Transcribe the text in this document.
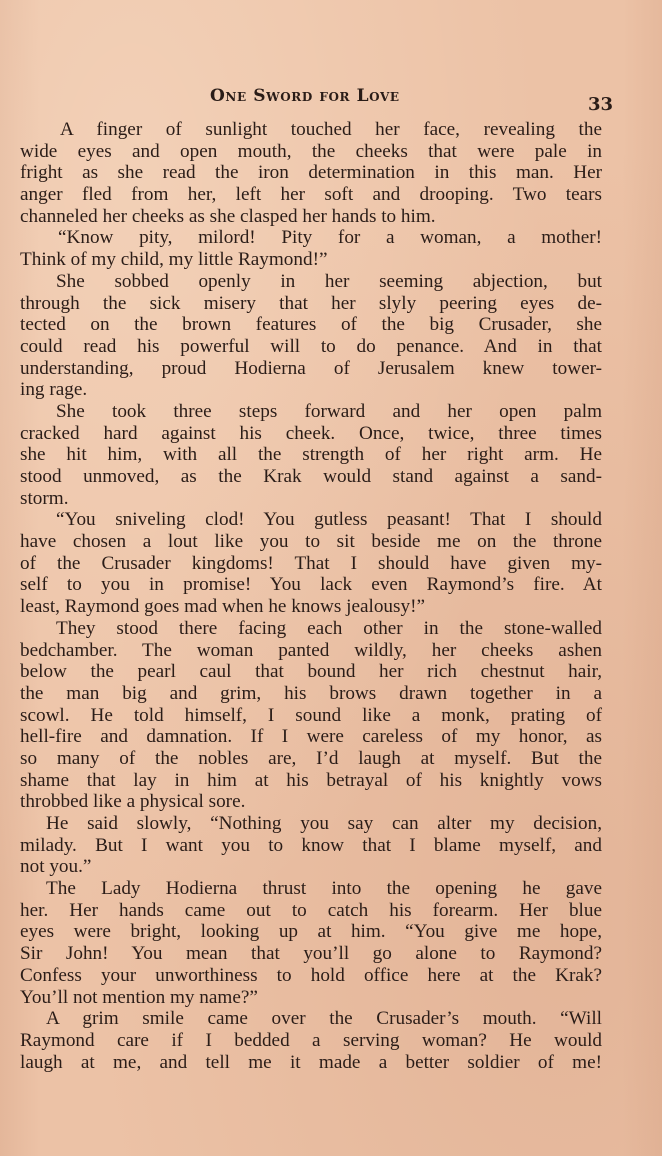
One Sword for Love	33
A finger of sunlight touched her face, revealing the
wide eyes and open mouth, the cheeks that were pale in
fright as she read the iron determination in this man. Her
anger fled from her, left her soft and drooping. Two tears
channeled her cheeks as she clasped her hands to him.
“Know pity, milord! Pity for a woman, a mother!
Think of my child, my little Raymond!”
She sobbed openly in her seeming abjection, but
through the sick misery that her slyly peering eyes de-
tected on the brown features of the big Crusader, she
could read his powerful will to do penance. And in that
understanding, proud Hodierna of Jerusalem knew tower-
ing rage.
She took three steps forward and her open palm
cracked hard against his cheek. Once, twice, three times
she hit him, with all the strength of her right arm. He
stood unmoved, as the Krak would stand against a sand-
storm.
“You sniveling clod! You gutless peasant! That I should
have chosen a lout like you to sit beside me on the throne
of the Crusader kingdoms! That I should have given my-
self to you in promise! You lack even Raymond’s fire. At
least, Raymond goes mad when he knows jealousy!”
They stood there facing each other in the stone-walled
bedchamber. The woman panted wildly, her cheeks ashen
below the pearl caul that bound her rich chestnut hair,
the man big and grim, his brows drawn together in a
scowl. He told himself, I sound like a monk, prating of
hell-fire and damnation. If I were careless of my honor, as
so many of the nobles are, I’d laugh at myself. But the
shame that lay in him at his betrayal of his knightly vows
throbbed like a physical sore.
He said slowly, “Nothing you say can alter my decision,
milady. But I want you to know that I blame myself, and
not you.”
The Lady Hodierna thrust into the opening he gave
her. Her hands came out to catch his forearm. Her blue
eyes were bright, looking up at him. “You give me hope,
Sir John! You mean that you’ll go alone to Raymond?
Confess your unworthiness to hold office here at the Krak?
You’ll not mention my name?”
A grim smile came over the Crusader’s mouth. “Will
Raymond care if I bedded a serving woman? He would
laugh at me, and tell me it made a better soldier of me!
